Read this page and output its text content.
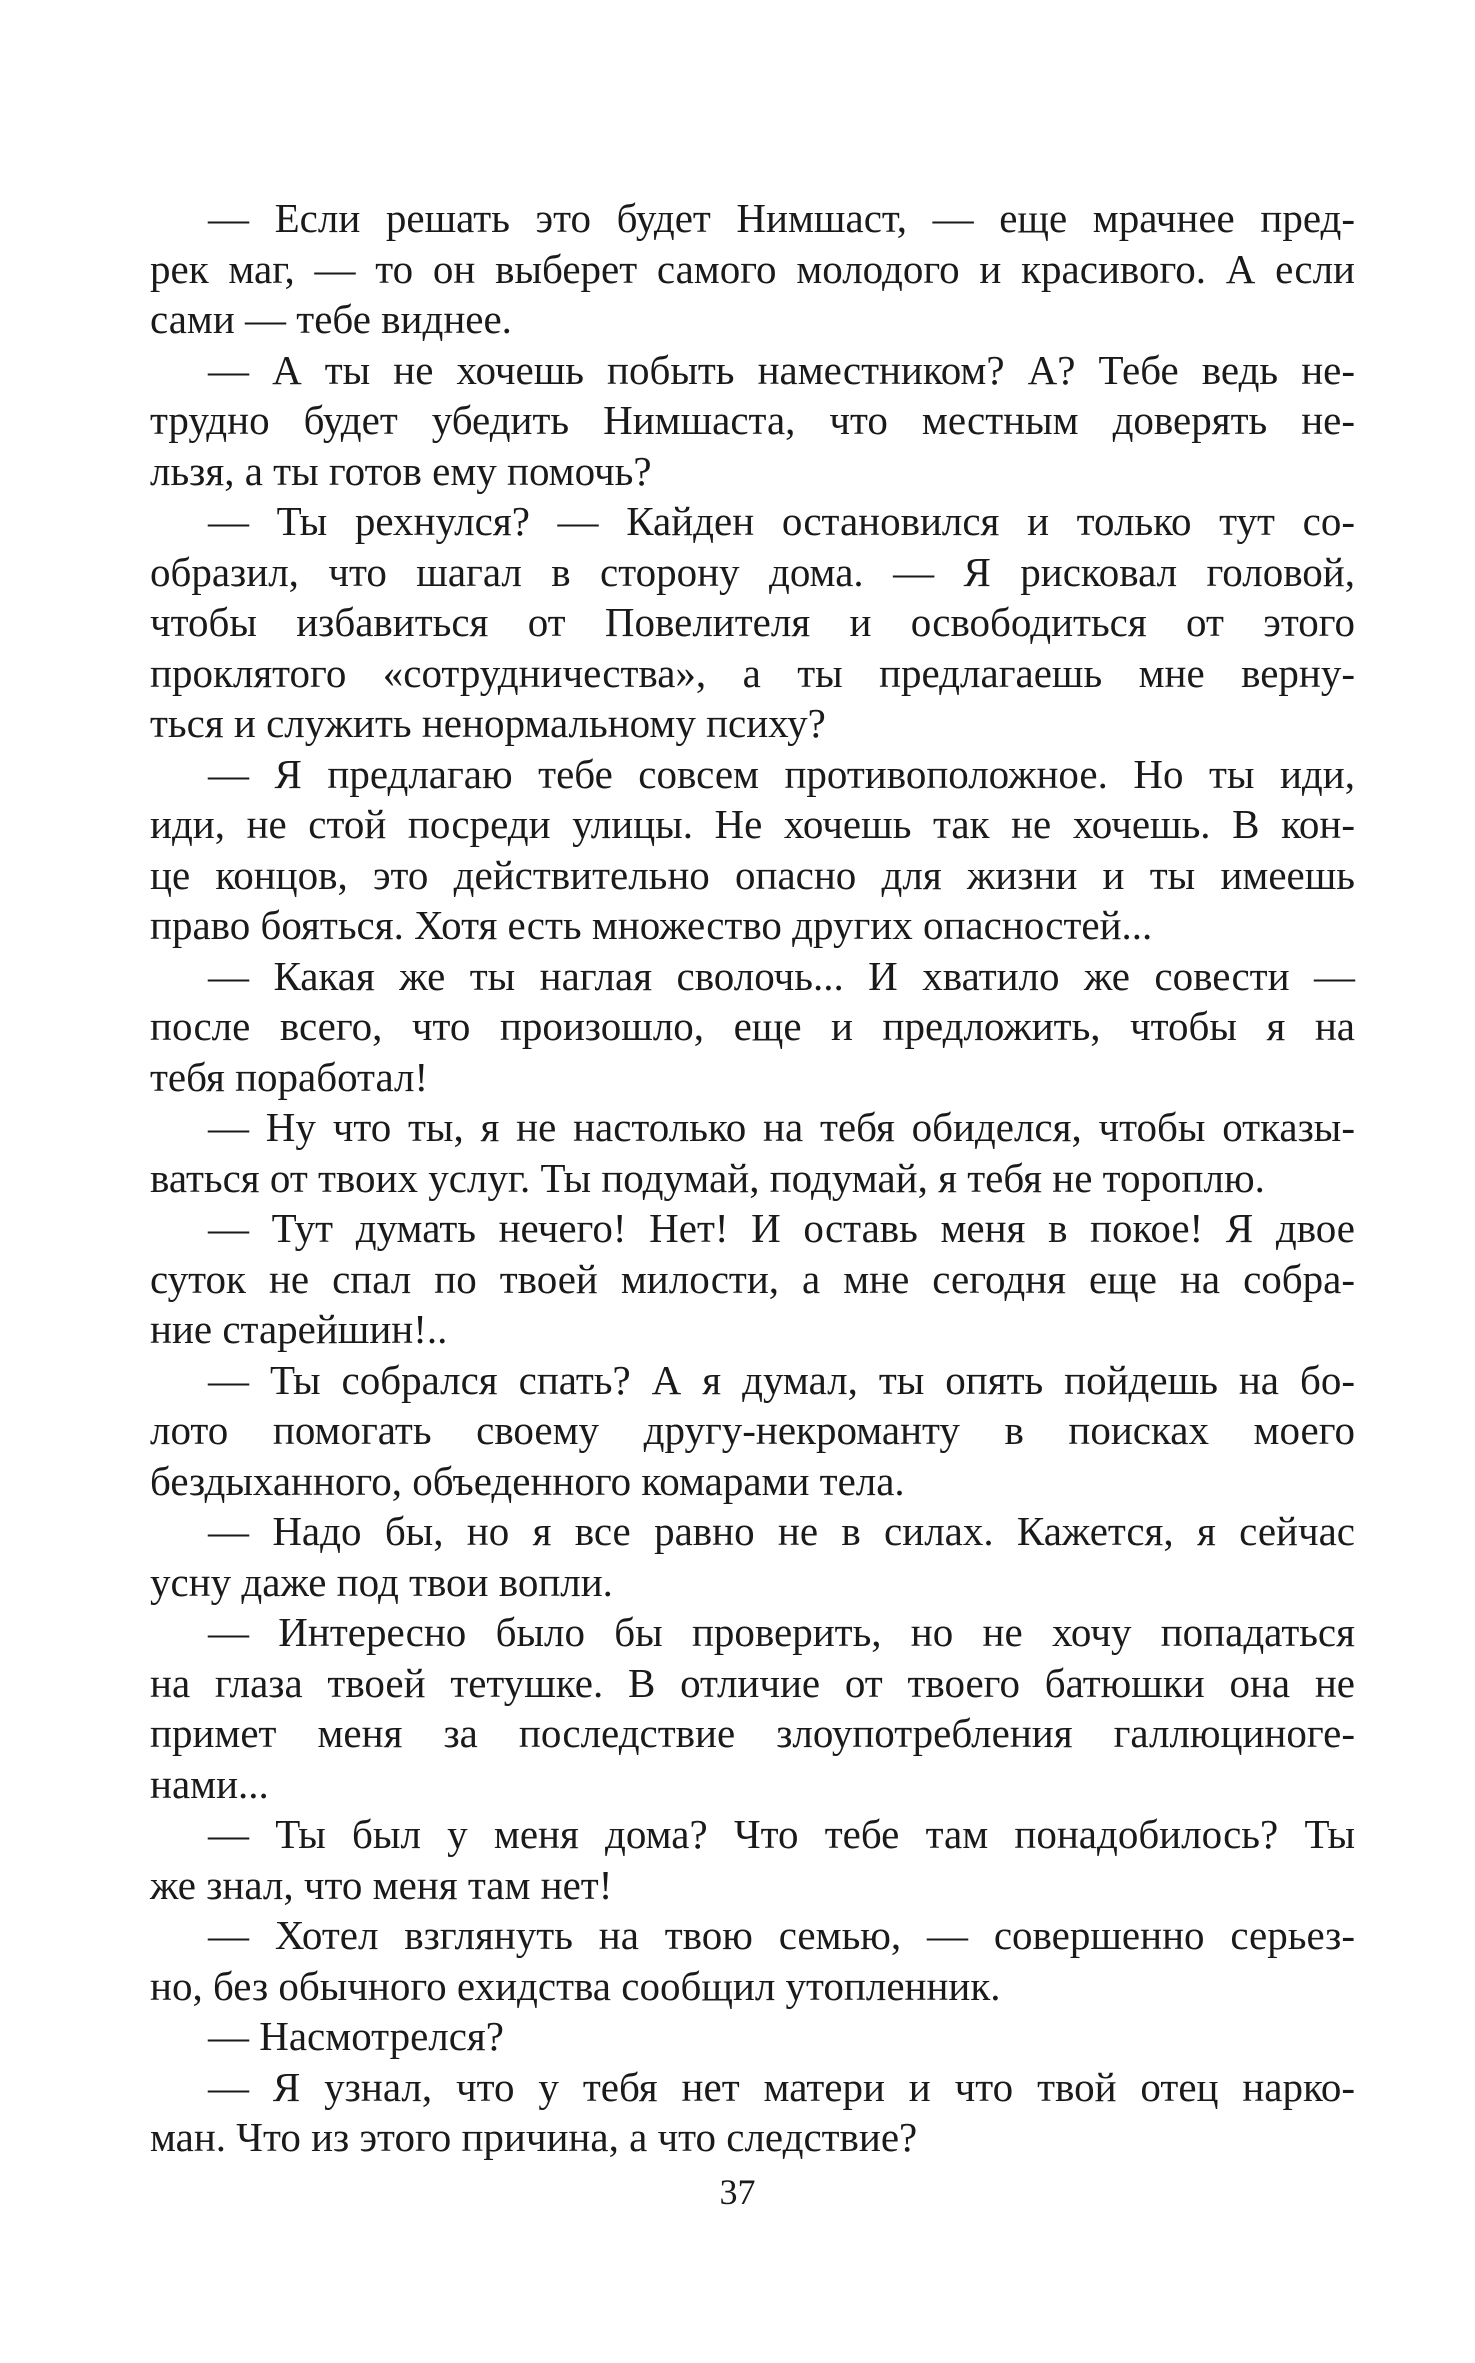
— Если решать это будет Нимшаст, — еще мрачнее пред-
рек маг, — то он выберет самого молодого и красивого. А если
сами — тебе виднее.
— А ты не хочешь побыть наместником? А? Тебе ведь не-
трудно будет убедить Нимшаста, что местным доверять не-
льзя, а ты готов ему помочь?
— Ты рехнулся? — Кайден остановился и только тут со-
образил, что шагал в сторону дома. — Я рисковал головой,
чтобы избавиться от Повелителя и освободиться от этого
проклятого «сотрудничества», а ты предлагаешь мне верну-
ться и служить ненормальному психу?
— Я предлагаю тебе совсем противоположное. Но ты иди,
иди, не стой посреди улицы. Не хочешь так не хочешь. В кон-
це концов, это действительно опасно для жизни и ты имеешь
право бояться. Хотя есть множество других опасностей...
— Какая же ты наглая сволочь... И хватило же совести —
после всего, что произошло, еще и предложить, чтобы я на
тебя поработал!
— Ну что ты, я не настолько на тебя обиделся, чтобы отказы-
ваться от твоих услуг. Ты подумай, подумай, я тебя не тороплю.
— Тут думать нечего! Нет! И оставь меня в покое! Я двое
суток не спал по твоей милости, а мне сегодня еще на собра-
ние старейшин!..
— Ты собрался спать? А я думал, ты опять пойдешь на бо-
лото помогать своему другу-некроманту в поисках моего
бездыханного, объеденного комарами тела.
— Надо бы, но я все равно не в силах. Кажется, я сейчас
усну даже под твои вопли.
— Интересно было бы проверить, но не хочу попадаться
на глаза твоей тетушке. В отличие от твоего батюшки она не
примет меня за последствие злоупотребления галлюциноге-
нами...
— Ты был у меня дома? Что тебе там понадобилось? Ты
же знал, что меня там нет!
— Хотел взглянуть на твою семью, — совершенно серьез-
но, без обычного ехидства сообщил утопленник.
— Насмотрелся?
— Я узнал, что у тебя нет матери и что твой отец нарко-
ман. Что из этого причина, а что следствие?
37
